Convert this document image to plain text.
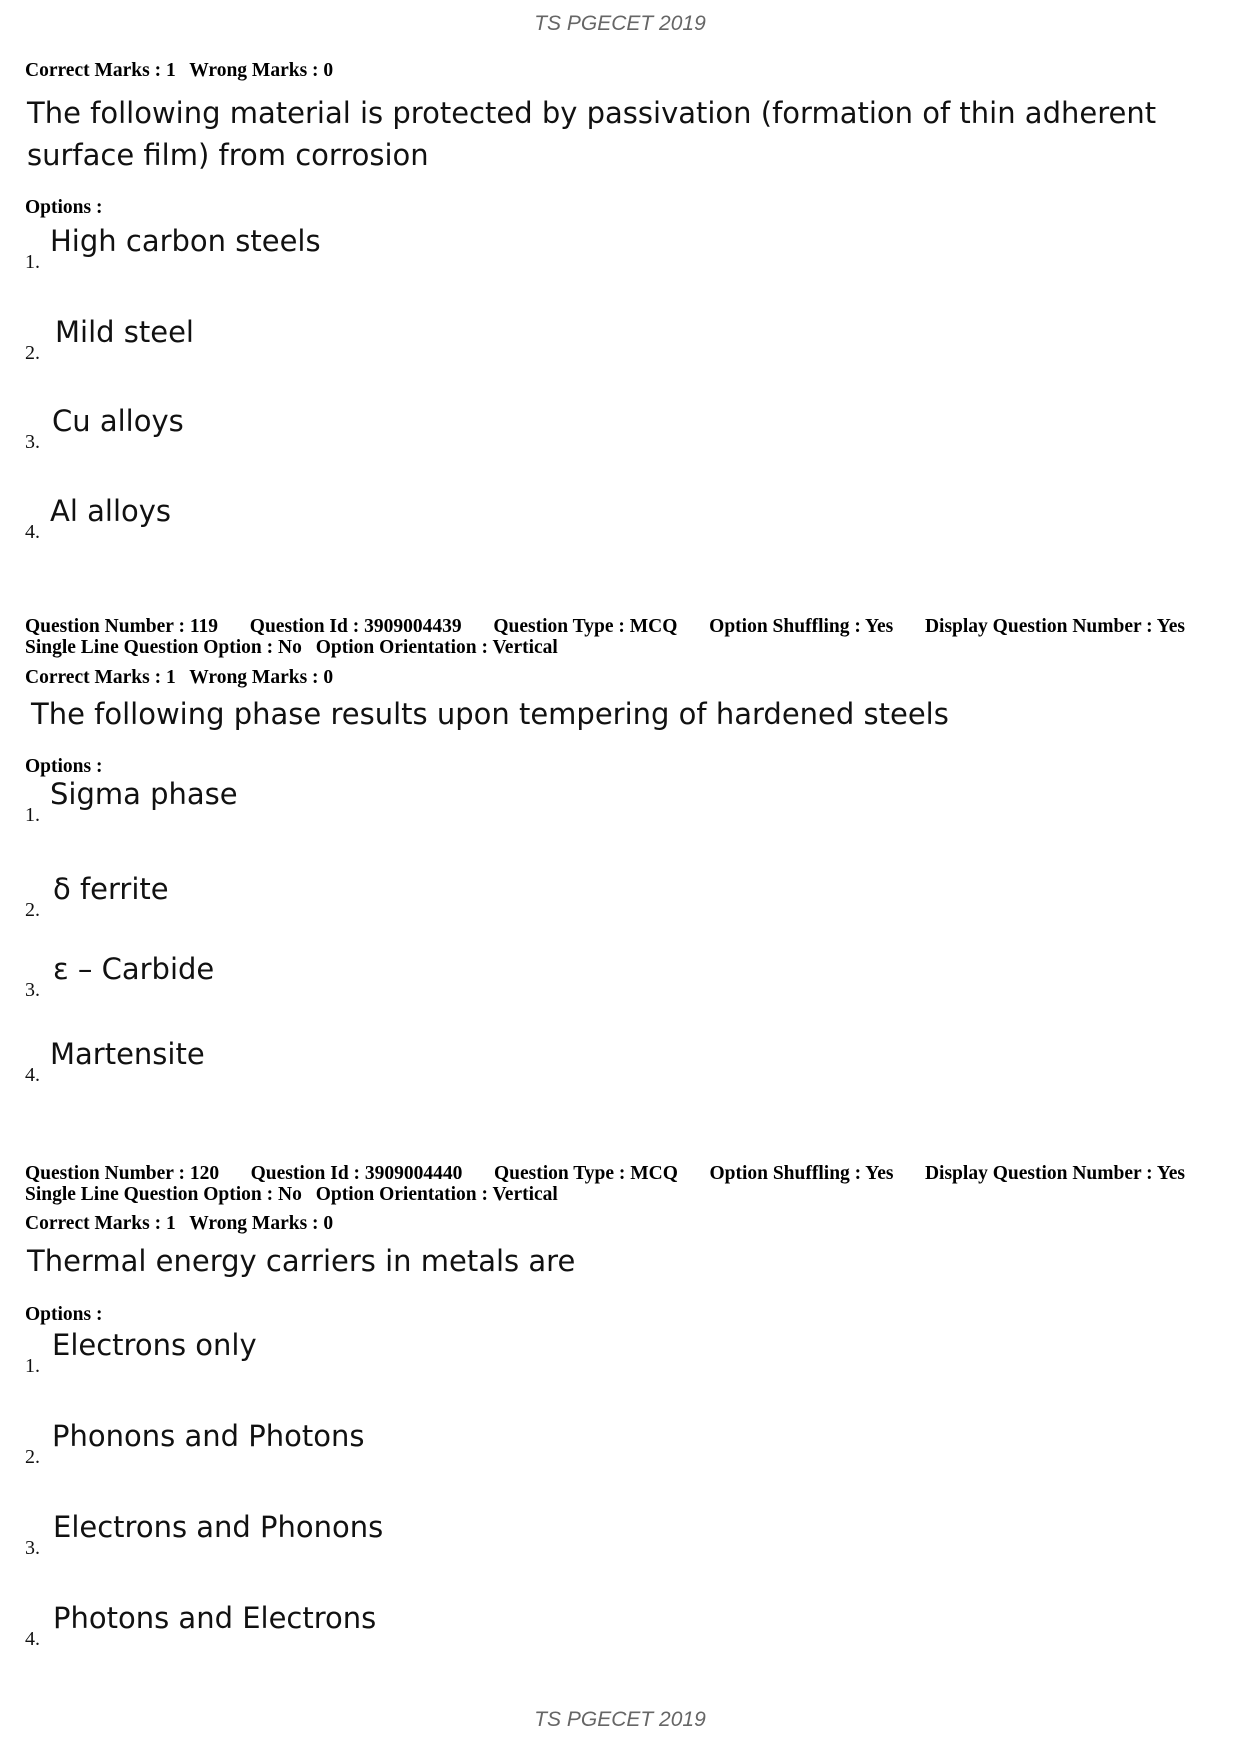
TS PGECET 2019
Correct Marks : 1 Wrong Marks : 0
The following material is protected by passivation (formation of thin adherent surface film) from corrosion
Options :
1.
High carbon steels
2.
Mild steel
3.
Cu alloys
4.
Al alloys
Question Number : 119 Question Id : 3909004439 Question Type : MCQ Option Shuffling : Yes Display Question Number : Yes
Single Line Question Option : No Option Orientation : Vertical
Correct Marks : 1 Wrong Marks : 0
The following phase results upon tempering of hardened steels
Options :
1.
Sigma phase
2.
δ ferrite
3.
ε – Carbide
4.
Martensite
Question Number : 120 Question Id : 3909004440 Question Type : MCQ Option Shuffling : Yes Display Question Number : Yes
Single Line Question Option : No Option Orientation : Vertical
Correct Marks : 1 Wrong Marks : 0
Thermal energy carriers in metals are
Options :
1.
Electrons only
2.
Phonons and Photons
3.
Electrons and Phonons
4.
Photons and Electrons
TS PGECET 2019
